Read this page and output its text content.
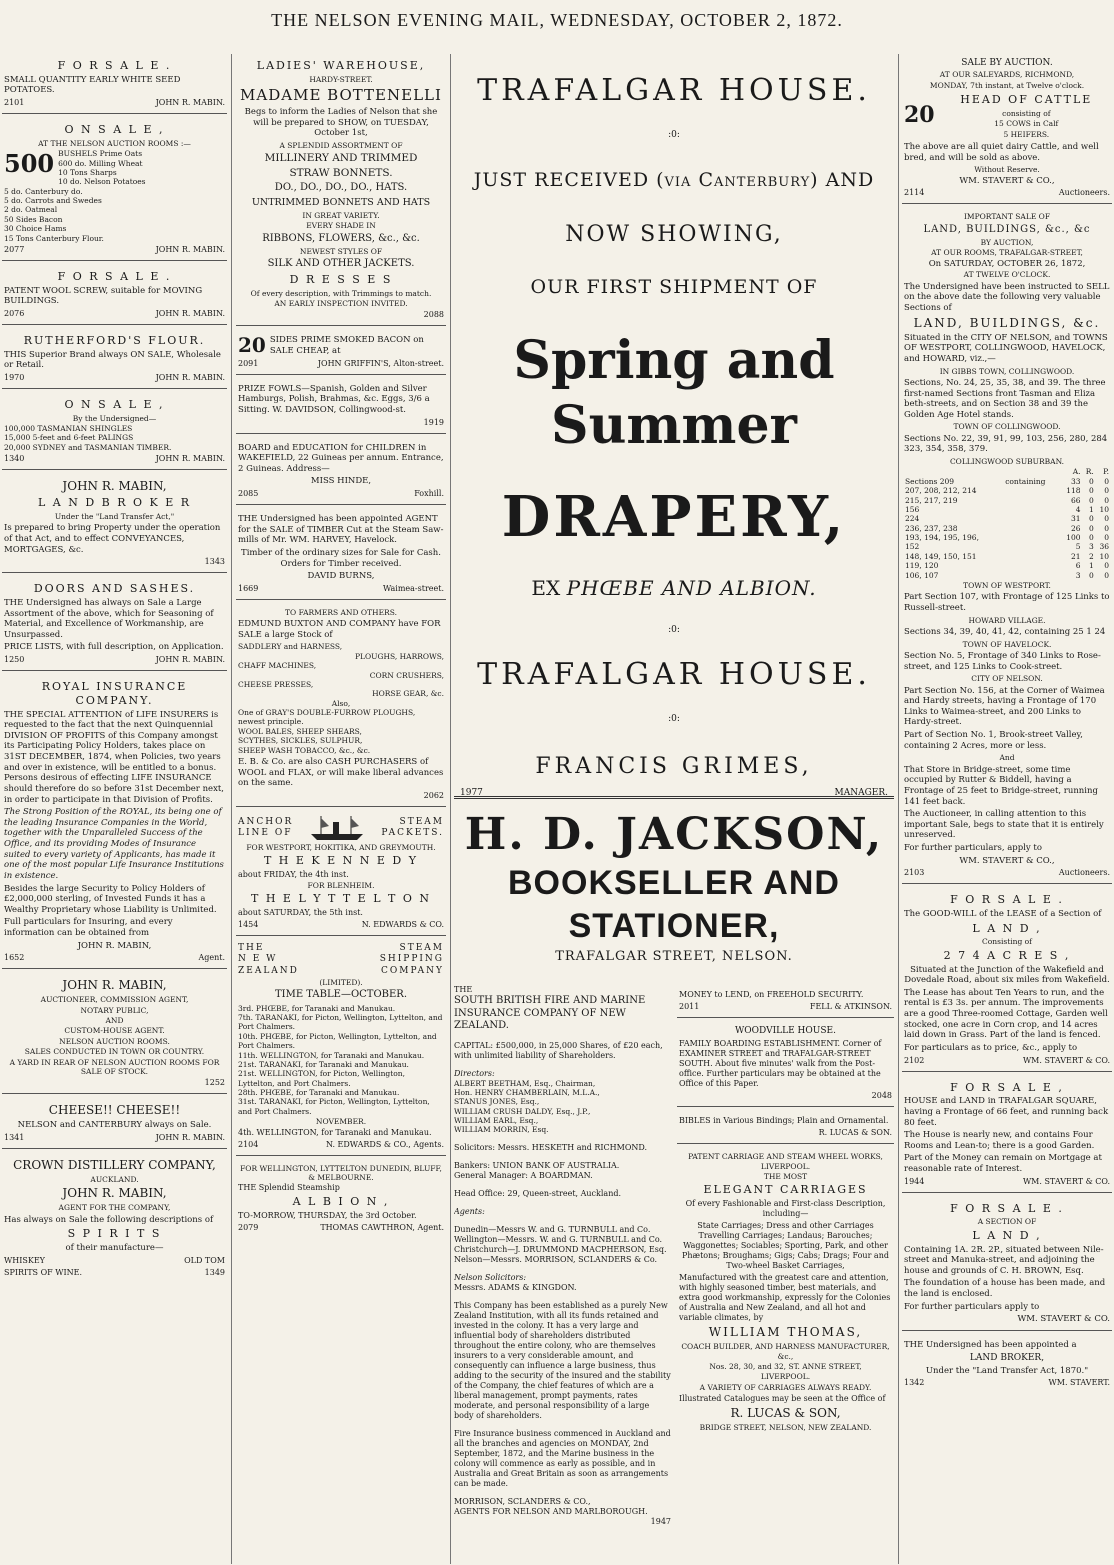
THE NELSON EVENING MAIL, WEDNESDAY, OCTOBER 2, 1872.
F O R S A L E .

SMALL QUANTITY EARLY WHITE SEED POTATOES.

2101	JOHN R. MABIN.
O N S A L E ,
AT THE NELSON AUCTION ROOMS :—
500 BUSHELS Prime Oats
600 do. Milling Wheat
10 Tons Sharps
10 do. Nelson Potatoes
5 do. Canterbury do.
5 do. Carrots and Swedes
2 do. Oatmeal
50 Sides Bacon
30 Choice Hams
15 Tons Canterbury Flour.
2077	JOHN R. MABIN.
F O R S A L E .

PATENT WOOL SCREW, suitable for MOVING BUILDINGS.

2076	JOHN R. MABIN.
RUTHERFORD'S FLOUR.

THIS Superior Brand always ON SALE, Wholesale or Retail.

1970	JOHN R. MABIN.
O N S A L E ,
By the Undersigned—
100,000 TASMANIAN SHINGLES
15,000 5-feet and 6-feet PALINGS
20,000 SYDNEY and TASMANIAN TIMBER.
1340	JOHN R. MABIN.
JOHN R. MABIN,
L A N D B R O K E R
Under the "Land Transfer Act,"

Is prepared to bring Property under the operation of that Act, and to effect CONVEYANCES, MORTGAGES, &c.

1343
DOORS AND SASHES.

THE Undersigned has always on Sale a Large Assortment of the above, which for Seasoning of Material, and Excellence of Workmanship, are Unsurpassed.

PRICE LISTS, with full description, on Application.

1250	JOHN R. MABIN.
ROYAL INSURANCE COMPANY.

THE SPECIAL ATTENTION of LIFE INSURERS is requested to the fact that the next Quinquennial DIVISION OF PROFITS of this Company amongst its Participating Policy Holders, takes place on 31ST DECEMBER, 1874, when Policies, two years and over in existence, will be entitled to a bonus. Persons desirous of effecting LIFE INSURANCE should therefore do so before 31st December next, in order to participate in that Division of Profits.

The Strong Position of the ROYAL, its being one of the leading Insurance Companies in the World, together with the Unparalleled Success of the Office, and its providing Modes of Insurance suited to every variety of Applicants, has made it one of the most popular Life Insurance Institutions in existence.

Besides the large Security to Policy Holders of £2,000,000 sterling, of Invested Funds it has a Wealthy Proprietary whose Liability is Unlimited.

Full particulars for Insuring, and every information can be obtained from

JOHN R. MABIN,
1652	Agent.
JOHN R. MABIN,
AUCTIONEER, COMMISSION AGENT,
NOTARY PUBLIC,
AND
CUSTOM-HOUSE AGENT.
NELSON AUCTION ROOMS.
SALES CONDUCTED IN TOWN OR COUNTRY.
A YARD IN REAR OF NELSON AUCTION ROOMS FOR SALE OF STOCK.
1252
CHEESE!! CHEESE!!

NELSON and CANTERBURY always on Sale.

1341	JOHN R. MABIN.
CROWN DISTILLERY COMPANY,
AUCKLAND.
JOHN R. MABIN,
AGENT FOR THE COMPANY,

Has always on Sale the following descriptions of

S P I R I T S

of their manufacture—

WHISKEY	OLD TOM
SPIRITS OF WINE.	1349
LADIES' WAREHOUSE,
HARDY-STREET.
MADAME BOTTENELLI

Begs to inform the Ladies of Nelson that she will be prepared to SHOW, on TUESDAY, October 1st,

A SPLENDID ASSORTMENT OF
MILLINERY AND TRIMMED
STRAW BONNETS.
DO., DO., DO., DO., HATS.
UNTRIMMED BONNETS AND HATS
IN GREAT VARIETY.
EVERY SHADE IN
RIBBONS, FLOWERS, &c., &c.
NEWEST STYLES OF
SILK AND OTHER JACKETS.
D R E S S E S
Of every description, with Trimmings to match.
AN EARLY INSPECTION INVITED.
2088
20 SIDES PRIME SMOKED BACON on SALE CHEAP, at

2091	JOHN GRIFFIN'S, Alton-street.

PRIZE FOWLS—Spanish, Golden and Silver Hamburgs, Polish, Brahmas, &c. Eggs, 3/6 a Sitting. W. DAVIDSON, Collingwood-st.

1919

BOARD and EDUCATION for CHILDREN in WAKEFIELD, 22 Guineas per annum. Entrance, 2 Guineas. Address—

MISS HINDE,
2085	Foxhill.

THE Undersigned has been appointed AGENT for the SALE of TIMBER Cut at the Steam Saw-mills of Mr. WM. HARVEY, Havelock.

Timber of the ordinary sizes for Sale for Cash. Orders for Timber received.

DAVID BURNS,
1669	Waimea-street.
TO FARMERS AND OTHERS.

EDMUND BUXTON AND COMPANY have FOR SALE a large Stock of

SADDLERY and HARNESS,
PLOUGHS, HARROWS,
CHAFF MACHINES,
CORN CRUSHERS,
CHEESE PRESSES,
HORSE GEAR, &c.
Also,
One of GRAY'S DOUBLE-FURROW PLOUGHS, newest principle.
WOOL BALES, SHEEP SHEARS,
SCYTHES, SICKLES, SULPHUR,
SHEEP WASH TOBACCO, &c., &c.

E. B. & Co. are also CASH PURCHASERS of WOOL and FLAX, or will make liberal advances on the same.

2062
ANCHOR
LINE OF
STEAM
PACKETS.
FOR WESTPORT, HOKITIKA, AND GREYMOUTH.
T H E K E N N E D Y
about FRIDAY, the 4th inst.
FOR BLENHEIM.
T H E L Y T T E L T O N
about SATURDAY, the 5th inst.
1454	N. EDWARDS & CO.
THE	STEAM
N E W	SHIPPING
ZEALAND	COMPANY
(LIMITED).
TIME TABLE—OCTOBER.
3rd. PHŒBE, for Taranaki and Manukau.
7th. TARANAKI, for Picton, Wellington, Lyttelton, and Port Chalmers.
10th. PHŒBE, for Picton, Wellington, Lyttelton, and Port Chalmers.
11th. WELLINGTON, for Taranaki and Manukau.
21st. TARANAKI, for Taranaki and Manukau.
21st. WELLINGTON, for Picton, Wellington, Lyttelton, and Port Chalmers.
28th. PHŒBE, for Taranaki and Manukau.
31st. TARANAKI, for Picton, Wellington, Lyttelton, and Port Chalmers.
NOVEMBER.
4th. WELLINGTON, for Taranaki and Manukau.
2104	N. EDWARDS & CO., Agents.
FOR WELLINGTON, LYTTELTON DUNEDIN, BLUFF, & MELBOURNE.
THE Splendid Steamship
A L B I O N ,
TO-MORROW, THURSDAY, the 3rd October.
2079	THOMAS CAWTHRON, Agent.
TRAFALGAR HOUSE.
:0:
JUST RECEIVED (via Canterbury) AND
NOW SHOWING,
OUR FIRST SHIPMENT OF
Spring and Summer
DRAPERY,
EX PHŒBE AND ALBION.
:0:
TRAFALGAR HOUSE.
:0:
FRANCIS GRIMES,
1977	MANAGER.
H. D. JACKSON,
BOOKSELLER AND STATIONER,
TRAFALGAR STREET, NELSON.
THE
SOUTH BRITISH FIRE AND MARINE INSURANCE COMPANY OF NEW ZEALAND.

CAPITAL: £500,000, in 25,000 Shares, of £20 each, with unlimited liability of Shareholders.

Directors:
ALBERT BEETHAM, Esq., Chairman,
Hon. HENRY CHAMBERLAIN, M.L.A.,
STANUS JONES, Esq.,
WILLIAM CRUSH DALDY, Esq., J.P.,
WILLIAM EARL, Esq.,
WILLIAM MORRIN, Esq.

Solicitors: Messrs. HESKETH and RICHMOND.

Bankers: UNION BANK OF AUSTRALIA.

General Manager: A BOARDMAN.

Head Office: 29, Queen-street, Auckland.

Agents:

Dunedin—Messrs W. and G. TURNBULL and Co. Wellington—Messrs. W. and G. TURNBULL and Co. Christchurch—J. DRUMMOND MACPHERSON, Esq. Nelson—Messrs. MORRISON, SCLANDERS & Co.

Nelson Solicitors:
Messrs. ADAMS & KINGDON.

This Company has been established as a purely New Zealand Institution, with all its funds retained and invested in the colony. It has a very large and influential body of shareholders distributed throughout the entire colony, who are themselves insurers to a very considerable amount, and consequently can influence a large business, thus adding to the security of the insured and the stability of the Company, the chief features of which are a liberal management, prompt payments, rates moderate, and personal responsibility of a large body of shareholders.

Fire Insurance business commenced in Auckland and all the branches and agencies on MONDAY, 2nd September, 1872, and the Marine business in the colony will commence as early as possible, and in Australia and Great Britain as soon as arrangements can be made.

MORRISON, SCLANDERS & CO.,
AGENTS FOR NELSON AND MARLBOROUGH.
1947

MONEY to LEND, on FREEHOLD SECURITY.

2011	FELL & ATKINSON.
WOODVILLE HOUSE.

FAMILY BOARDING ESTABLISHMENT. Corner of EXAMINER STREET and TRAFALGAR-STREET SOUTH. About five minutes' walk from the Post-office. Further particulars may be obtained at the Office of this Paper.

2048

BIBLES in Various Bindings; Plain and Ornamental.

R. LUCAS & SON.
PATENT CARRIAGE AND STEAM WHEEL WORKS, LIVERPOOL.
THE MOST
ELEGANT CARRIAGES

Of every Fashionable and First-class Description, including—

State Carriages; Dress and other Carriages Travelling Carriages; Landaus; Barouches; Waggonettes; Sociables; Sporting, Park, and other Phætons; Broughams; Gigs; Cabs; Drags; Four and Two-wheel Basket Carriages,

Manufactured with the greatest care and attention, with highly seasoned timber, best materials, and extra good workmanship, expressly for the Colonies of Australia and New Zealand, and all hot and variable climates, by

WILLIAM THOMAS,
COACH BUILDER, AND HARNESS MANUFACTURER, &c.,
Nos. 28, 30, and 32, ST. ANNE STREET,
LIVERPOOL.
A VARIETY OF CARRIAGES ALWAYS READY.

Illustrated Catalogues may be seen at the Office of

R. LUCAS & SON,
BRIDGE STREET, NELSON, NEW ZEALAND.
SALE BY AUCTION.
AT OUR SALEYARDS, RICHMOND,
MONDAY, 7th instant, at Twelve o'clock.
20
HEAD OF CATTLE
consisting of
15 COWS in Calf
5 HEIFERS.

The above are all quiet dairy Cattle, and well bred, and will be sold as above.

Without Reserve.
WM. STAVERT & CO.,
2114	Auctioneers.
IMPORTANT SALE OF
LAND, BUILDINGS, &c., &c
BY AUCTION,
AT OUR ROOMS, TRAFALGAR-STREET,
On SATURDAY, OCTOBER 26, 1872,
AT TWELVE O'CLOCK.

The Undersigned have been instructed to SELL on the above date the following very valuable Sections of

LAND, BUILDINGS, &c.

Situated in the CITY OF NELSON, and TOWNS OF WESTPORT, COLLINGWOOD, HAVELOCK, and HOWARD, viz.,—

IN GIBBS TOWN, COLLINGWOOD.

Sections, No. 24, 25, 35, 38, and 39. The three first-named Sections front Tasman and Eliza beth-streets, and on Section 38 and 39 the Golden Age Hotel stands.

TOWN OF COLLINGWOOD.

Sections No. 22, 39, 91, 99, 103, 256, 280, 284 323, 354, 358, 379.

COLLINGWOOD SUBURBAN.
		A.	R.	P.
Sections 209	containing	33	0	0
207, 208, 212, 214		118	0	0
215, 217, 219		66	0	0
156		4	1	10
224		31	0	0
236, 237, 238		26	0	0
193, 194, 195, 196,		100	0	0
152		5	3	36
148, 149, 150, 151		21	2	10
119, 120		6	1	0
106, 107		3	0	0
TOWN OF WESTPORT.

Part Section 107, with Frontage of 125 Links to Russell-street.

HOWARD VILLAGE.

Sections 34, 39, 40, 41, 42, containing 25 1 24

TOWN OF HAVELOCK.

Section No. 5, Frontage of 340 Links to Rose-street, and 125 Links to Cook-street.

CITY OF NELSON.

Part Section No. 156, at the Corner of Waimea and Hardy streets, having a Frontage of 170 Links to Waimea-street, and 200 Links to Hardy-street.

Part of Section No. 1, Brook-street Valley, containing 2 Acres, more or less.

And

That Store in Bridge-street, some time occupied by Rutter & Biddell, having a Frontage of 25 feet to Bridge-street, running 141 feet back.

The Auctioneer, in calling attention to this important Sale, begs to state that it is entirely unreserved.

For further particulars, apply to

WM. STAVERT & CO.,
2103	Auctioneers.
F O R S A L E .

The GOOD-WILL of the LEASE of a Section of

L A N D ,
Consisting of
2 7 4 A C R E S ,

Situated at the Junction of the Wakefield and Dovedale Road, about six miles from Wakefield.

The Lease has about Ten Years to run, and the rental is £3 3s. per annum. The improvements are a good Three-roomed Cottage, Garden well stocked, one acre in Corn crop, and 14 acres laid down in Grass. Part of the land is fenced.

For particulars as to price, &c., apply to

2102	WM. STAVERT & CO.
F O R S A L E ,

HOUSE and LAND in TRAFALGAR SQUARE, having a Frontage of 66 feet, and running back 80 feet.

The House is nearly new, and contains Four Rooms and Lean-to; there is a good Garden.

Part of the Money can remain on Mortgage at reasonable rate of Interest.

1944	WM. STAVERT & CO.
F O R S A L E .
A SECTION OF
L A N D ,

Containing 1A. 2R. 2P., situated between Nile-street and Manuka-street, and adjoining the house and grounds of C. H. BROWN, Esq.

The foundation of a house has been made, and the land is enclosed.

For further particulars apply to

WM. STAVERT & CO.

THE Undersigned has been appointed a

LAND BROKER,

Under the "Land Transfer Act, 1870."

1342	WM. STAVERT.
